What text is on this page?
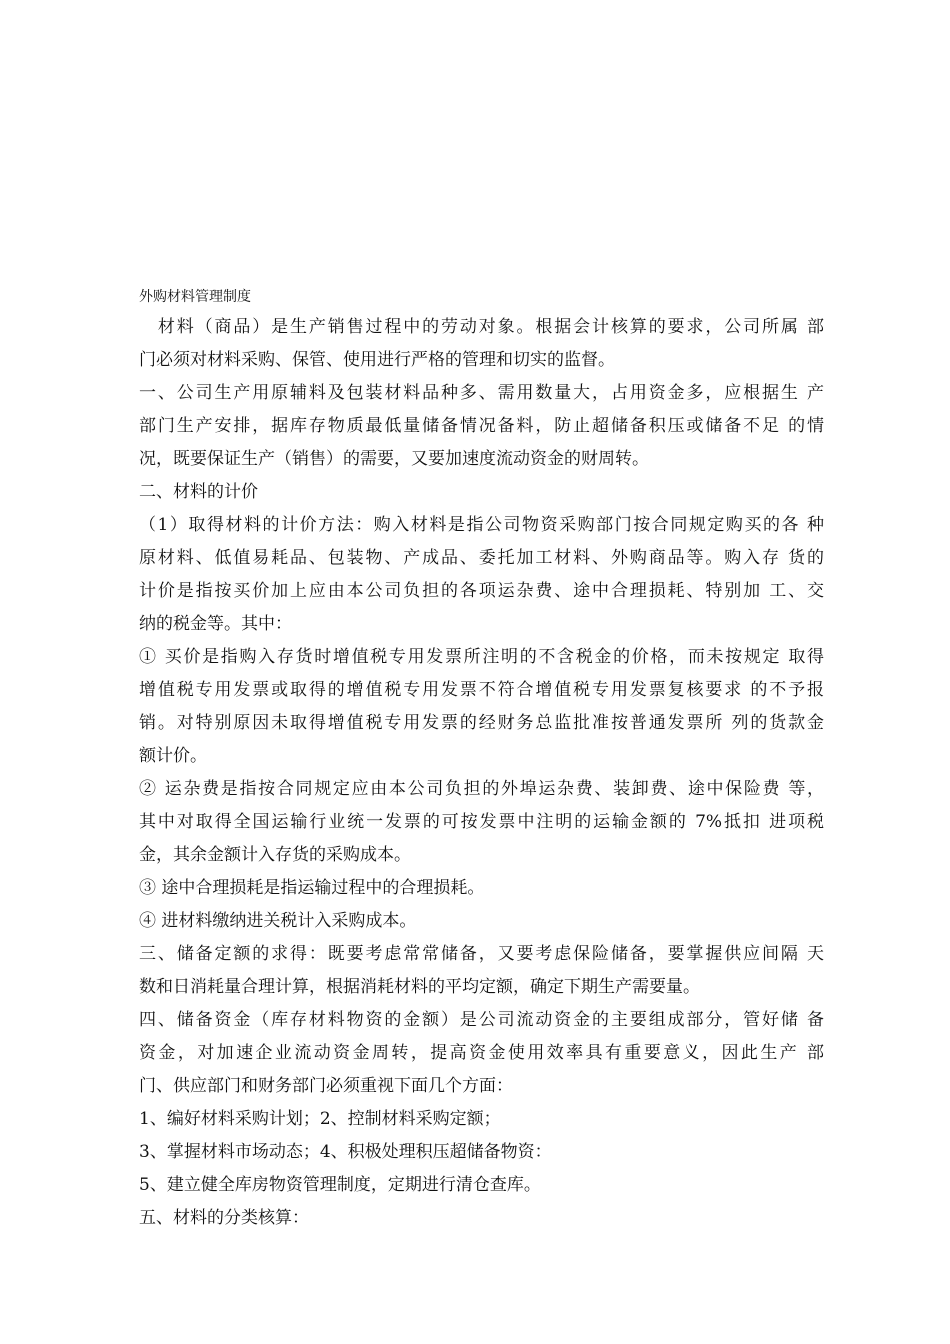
外购材料管理制度
　材料（商品）是生产销售过程中的劳动对象。根据会计核算的要求，公司所属 部
门必须对材料采购、保管、使用进行严格的管理和切实的监督。
一、公司生产用原辅料及包装材料品种多、需用数量大，占用资金多，应根据生 产
部门生产安排，据库存物质最低量储备情况备料，防止超储备积压或储备不足 的情
况，既要保证生产（销售）的需要，又要加速度流动资金的财周转。
二、材料的计价
（1）取得材料的计价方法：购入材料是指公司物资采购部门按合同规定购买的各 种
原材料、低值易耗品、包装物、产成品、委托加工材料、外购商品等。购入存 货的
计价是指按买价加上应由本公司负担的各项运杂费、途中合理损耗、特别加 工、交
纳的税金等。其中：
① 买价是指购入存货时增值税专用发票所注明的不含税金的价格，而未按规定 取得
增值税专用发票或取得的增值税专用发票不符合增值税专用发票复核要求 的不予报
销。对特别原因未取得增值税专用发票的经财务总监批准按普通发票所 列的货款金
额计价。
② 运杂费是指按合同规定应由本公司负担的外埠运杂费、装卸费、途中保险费 等，
其中对取得全国运输行业统一发票的可按发票中注明的运输金额的 7%抵扣 进项税
金，其余金额计入存货的采购成本。
③ 途中合理损耗是指运输过程中的合理损耗。
④ 进材料缴纳进关税计入采购成本。
三、储备定额的求得：既要考虑常常储备，又要考虑保险储备，要掌握供应间隔 天
数和日消耗量合理计算，根据消耗材料的平均定额，确定下期生产需要量。
四、储备资金（库存材料物资的金额）是公司流动资金的主要组成部分，管好储 备
资金，对加速企业流动资金周转，提高资金使用效率具有重要意义，因此生产 部
门、供应部门和财务部门必须重视下面几个方面：
1、编好材料采购计划；2、控制材料采购定额；
3、掌握材料市场动态；4、积极处理积压超储备物资：
5、建立健全库房物资管理制度，定期进行清仓查库。
五、材料的分类核算：
